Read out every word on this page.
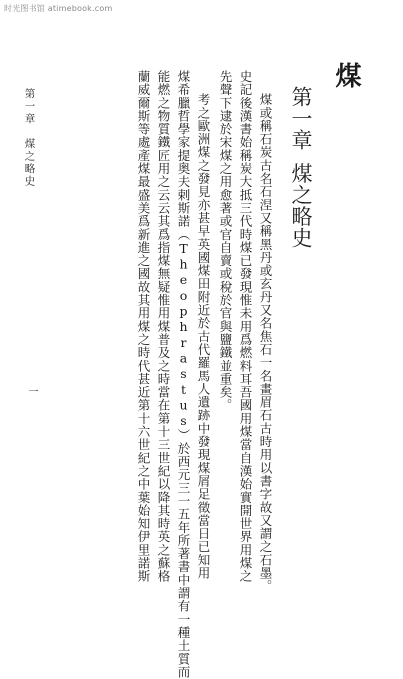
时光图书馆 atimebook.com
煤
第一章煤之略史
　煤或稱石炭古名石涅又稱黑丹或玄丹又名焦石一名畫眉石古時用以書字故又謂之石墨。
史記後漢書始稱炭大抵三代時煤已發現惟未用爲燃料耳吾國用煤當自漢始實開世界用煤之
先聲下逮於宋煤之用愈著或官自賣或稅於官與鹽鐵並重矣。
　考之歐洲煤之發見亦甚早英國煤田附近於古代羅馬人遺跡中發現煤屑足徵當日已知用
煤希臘哲學家提奥夫剌斯諾（Theophrastus）於西元三一五年所著書中謂有一種土質而
能燃之物質鐵匠用之云云其爲指煤無疑惟用煤普及之時當在第十三世紀以降其時英之蘇格
蘭威爾斯等處產煤最盛美爲新進之國故其用煤之時代甚近第十六世紀之中葉始知伊里諾斯
第一章　煤之略史
一
